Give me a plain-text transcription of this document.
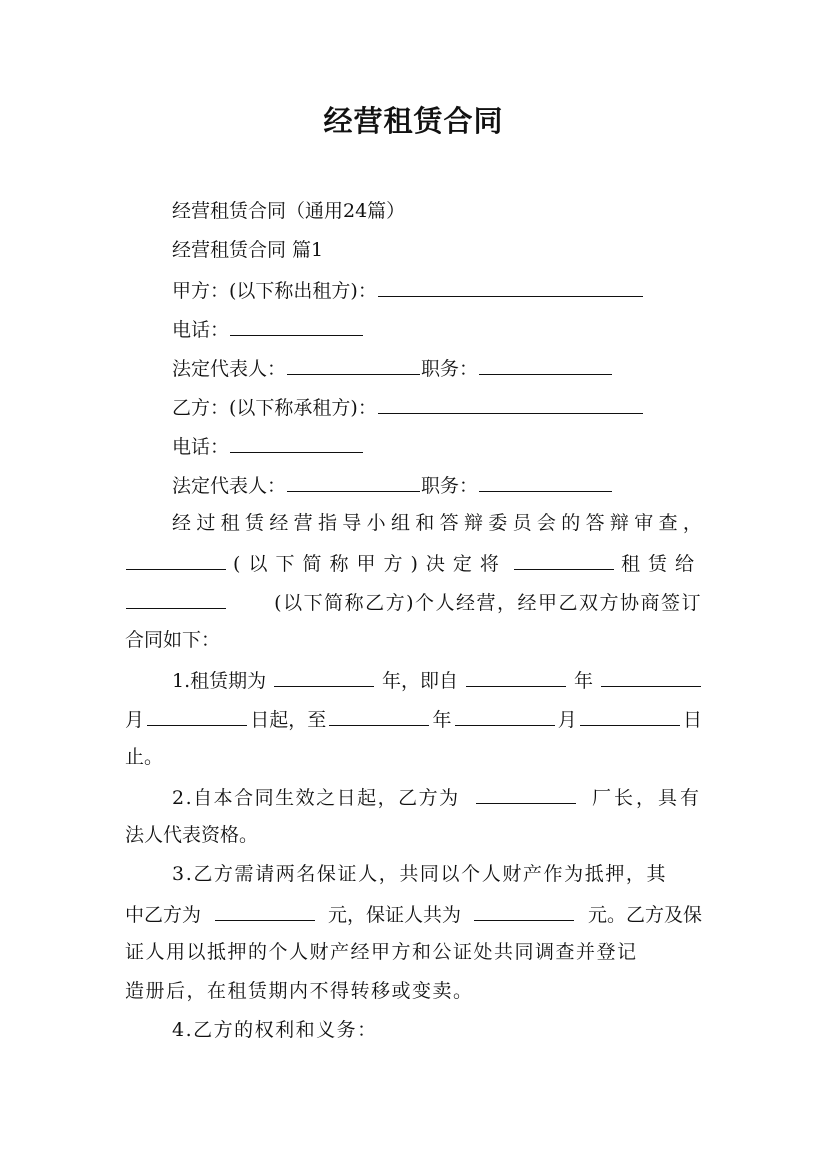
经营租赁合同

经营租赁合同（通用24篇）

经营租赁合同 篇1

甲方：(以下称出租方)：

电话：

法定代表人：	职务：

乙方：(以下称承租方)：

电话：

法定代表人：	职务：

经 过 租 赁 经 营 指 导 小 组 和 答 辩 委 员 会 的 答 辩 审 查 ，
(以下简称甲方)决定将	租赁给
(以下简称乙方)个人经营，经甲乙双方协商签订

合同如下：

1.租赁期为	年，即自	年
月	日起，至	年	月	日

止。

2.自本合同生效之日起，乙方为	厂长，具有

法人代表资格。

3.乙方需请两名保证人，共同以个人财产作为抵押，其

中乙方为	元，保证人共为	元。乙方及保

证人用以抵押的个人财产经甲方和公证处共同调查并登记

造册后，在租赁期内不得转移或变卖。

4.乙方的权利和义务：
